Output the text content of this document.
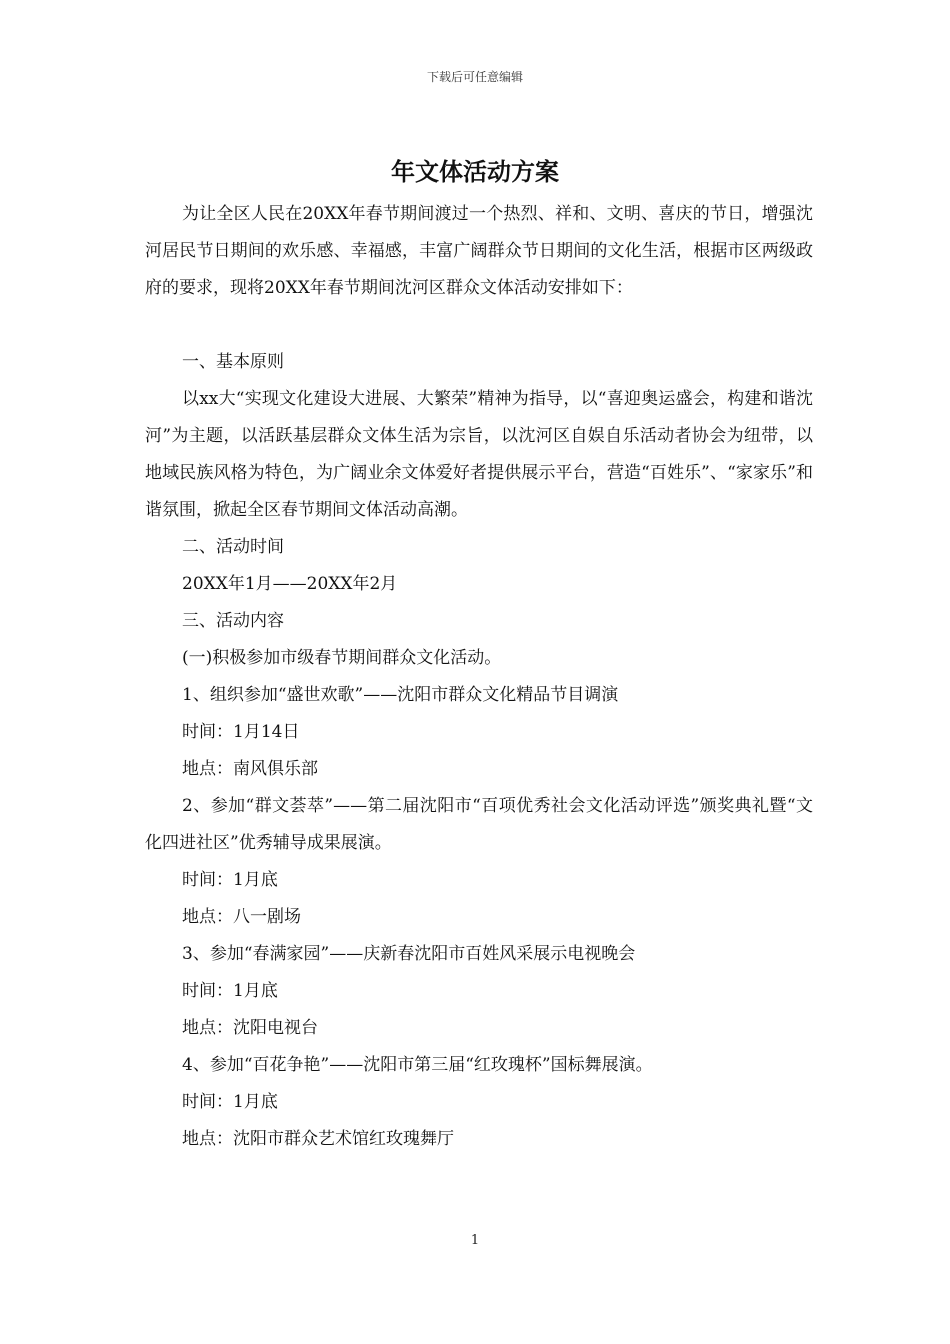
下载后可任意编辑
年文体活动方案

为让全区人民在20XX年春节期间渡过一个热烈、祥和、文明、喜庆的节日，增强沈河居民节日期间的欢乐感、幸福感，丰富广阔群众节日期间的文化生活，根据市区两级政府的要求，现将20XX年春节期间沈河区群众文体活动安排如下：

一、基本原则

以xx大“实现文化建设大进展、大繁荣”精神为指导，以“喜迎奥运盛会，构建和谐沈河”为主题，以活跃基层群众文体生活为宗旨，以沈河区自娱自乐活动者协会为纽带，以地域民族风格为特色，为广阔业余文体爱好者提供展示平台，营造“百姓乐”、“家家乐”和谐氛围，掀起全区春节期间文体活动高潮。

二、活动时间

20XX年1月——20XX年2月

三、活动内容

(一)积极参加市级春节期间群众文化活动。

1、组织参加“盛世欢歌”——沈阳市群众文化精品节目调演

时间：1月14日

地点：南风俱乐部

2、参加“群文荟萃”——第二届沈阳市“百项优秀社会文化活动评选”颁奖典礼暨“文化四进社区”优秀辅导成果展演。

时间：1月底

地点：八一剧场

3、参加“春满家园”——庆新春沈阳市百姓风采展示电视晚会

时间：1月底

地点：沈阳电视台

4、参加“百花争艳”——沈阳市第三届“红玫瑰杯”国标舞展演。

时间：1月底

地点：沈阳市群众艺术馆红玫瑰舞厅

1
